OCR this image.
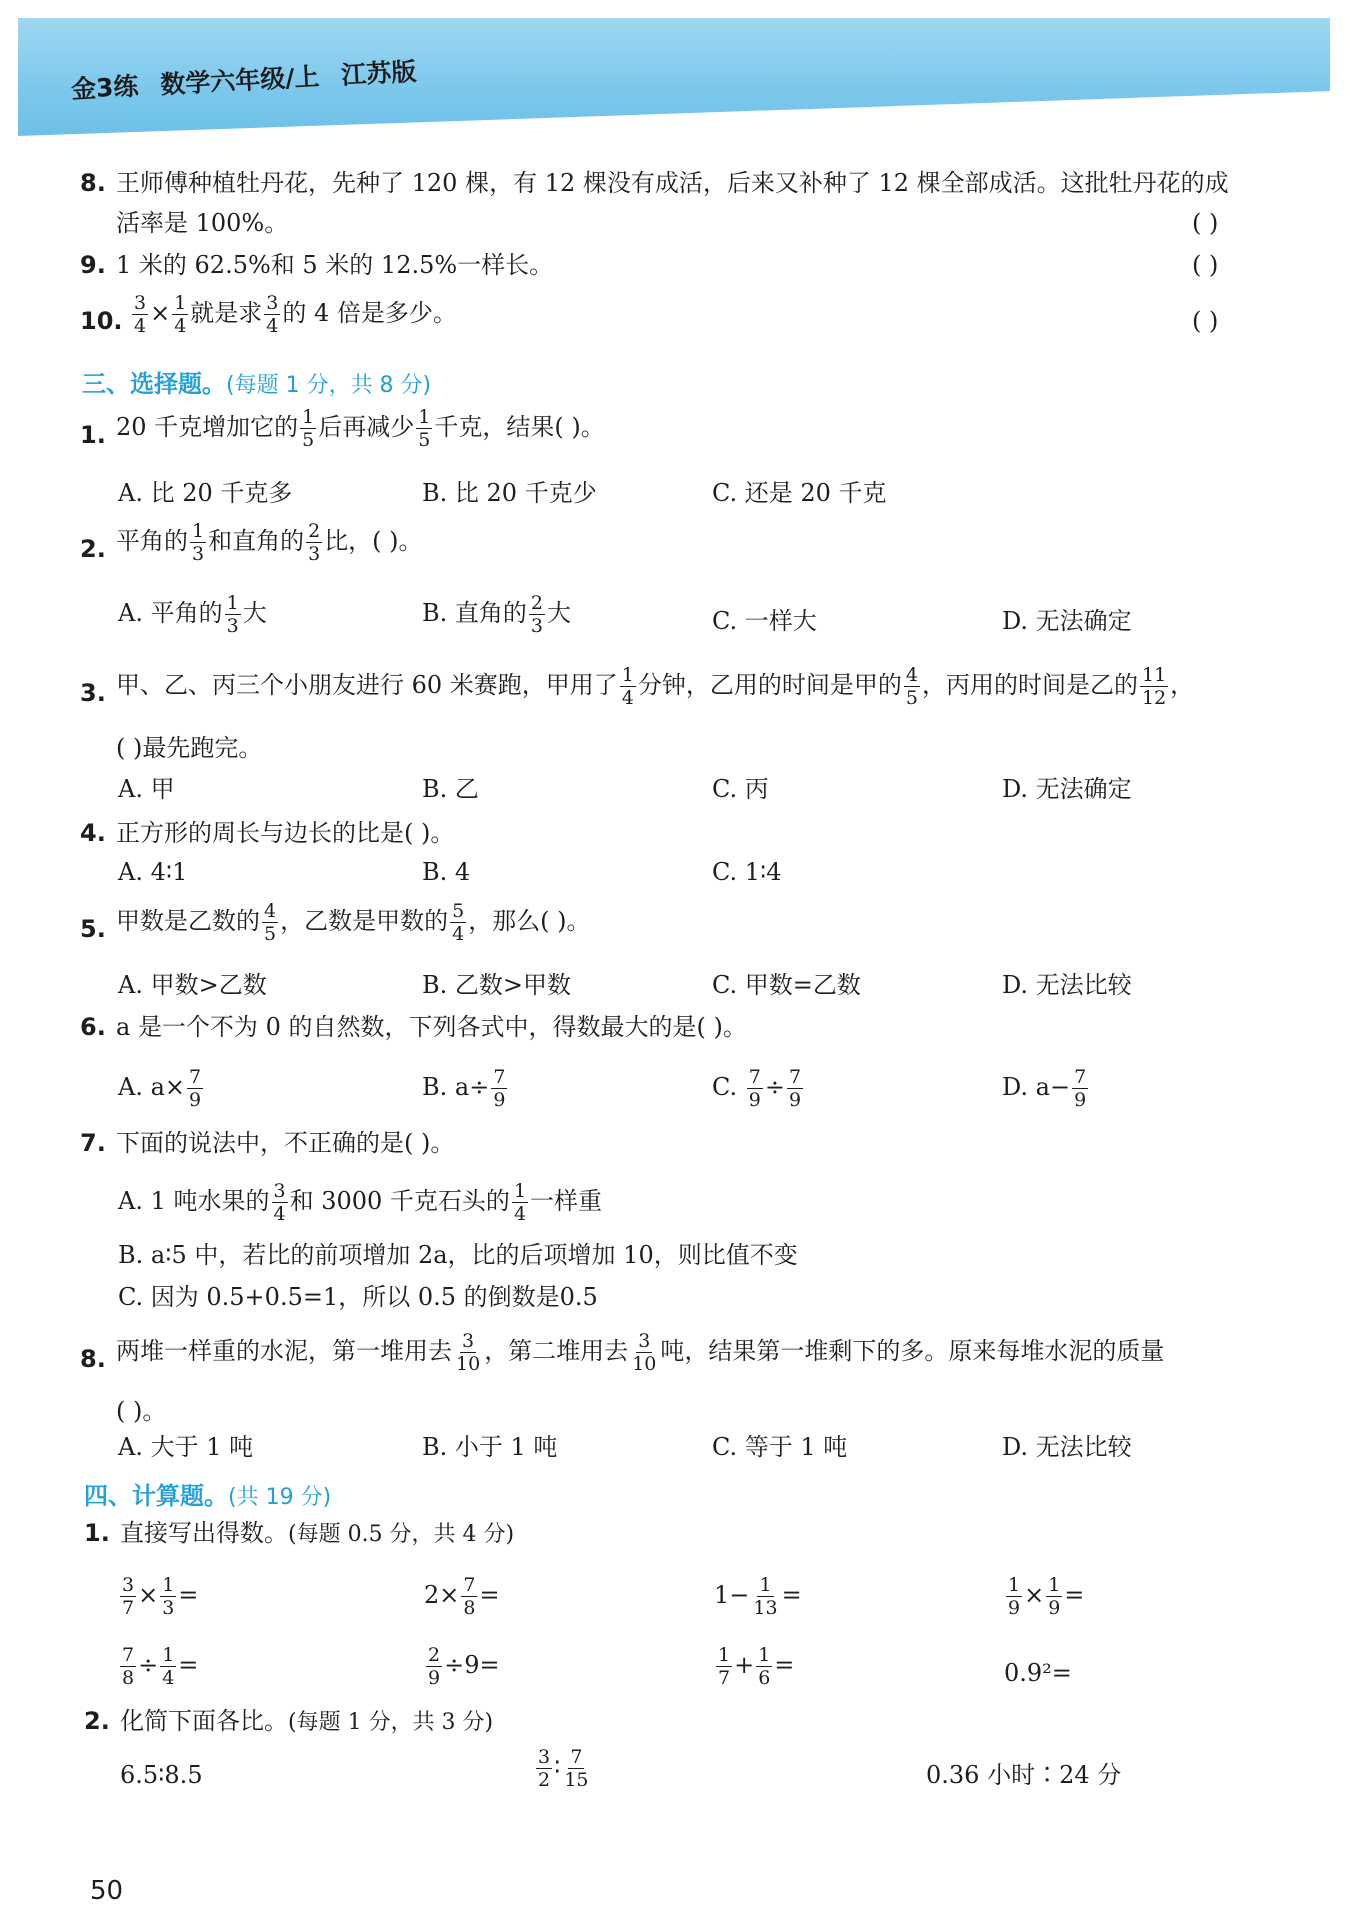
金3练 数学六年级/上 江苏版
8. 王师傅种植牡丹花，先种了 120 棵，有 12 棵没有成活，后来又补种了 12 棵全部成活。这批牡丹花的成
活率是 100%。	( )
9. 1 米的 62.5%和 5 米的 12.5%一样长。	( )
10. $\frac{3}{4} \times \frac{1}{4}$ 就是求 $\frac{3}{4}$ 的 4 倍是多少。	( )
三、选择题。(每题 1 分，共 8 分)
1. 20 千克增加它的 $\frac{1}{5}$ 后再减少 $\frac{1}{5}$ 千克，结果( )。
A. 比 20 千克多	B. 比 20 千克少	C. 还是 20 千克
2. 平角的 $\frac{1}{3}$ 和直角的 $\frac{2}{3}$ 比，( )。
A. 平角的 $\frac{1}{3}$ 大	B. 直角的 $\frac{2}{3}$ 大	C. 一样大	D. 无法确定
3. 甲、乙、丙三个小朋友进行 60 米赛跑，甲用了 $\frac{1}{4}$ 分钟，乙用的时间是甲的 $\frac{4}{5}$ ，丙用的时间是乙的 $\frac{11}{12}$ ，
( )最先跑完。
A. 甲	B. 乙	C. 丙	D. 无法确定
4. 正方形的周长与边长的比是( )。
A. 4∶1	B. 4	C. 1∶4
5. 甲数是乙数的 $\frac{4}{5}$ ，乙数是甲数的 $\frac{5}{4}$ ，那么( )。
A. 甲数>乙数	B. 乙数>甲数	C. 甲数=乙数	D. 无法比较
6. a 是一个不为 0 的自然数，下列各式中，得数最大的是( )。
A. $a\times \frac{7}{9}$	B. $a\div \frac{7}{9}$	C. $\frac{7}{9} \div \frac{7}{9}$	D. $a- \frac{7}{9}$
7. 下面的说法中，不正确的是( )。
A. 1 吨水果的 $\frac{3}{4}$ 和 3000 千克石头的 $\frac{1}{4}$ 一样重
B. a∶5 中，若比的前项增加 2a，比的后项增加 10，则比值不变
C. 因为 0.5+0.5=1，所以 0.5 的倒数是0.5
8. 两堆一样重的水泥，第一堆用去 $\frac{3}{10}$ ，第二堆用去 $\frac{3}{10}$ 吨，结果第一堆剩下的多。原来每堆水泥的质量
( )。
A. 大于 1 吨	B. 小于 1 吨	C. 等于 1 吨	D. 无法比较
四、计算题。(共 19 分)
1. 直接写出得数。(每题 0.5 分，共 4 分)
$\frac{3}{7} \times \frac{1}{3}$ =	$2\times \frac{7}{8}$ =	$1- \frac{1}{13}$ =	$\frac{1}{9} \times \frac{1}{9}$ =
$\frac{7}{8} \div \frac{1}{4}$ =	$\frac{2}{9} \div 9=$	$\frac{1}{7} + \frac{1}{6}$ =	0.9²=
2. 化简下面各比。(每题 1 分，共 3 分)
6.5∶8.5	$\frac{3}{2}$ ∶ $\frac{7}{15}$	0.36 小时∶24 分
50
